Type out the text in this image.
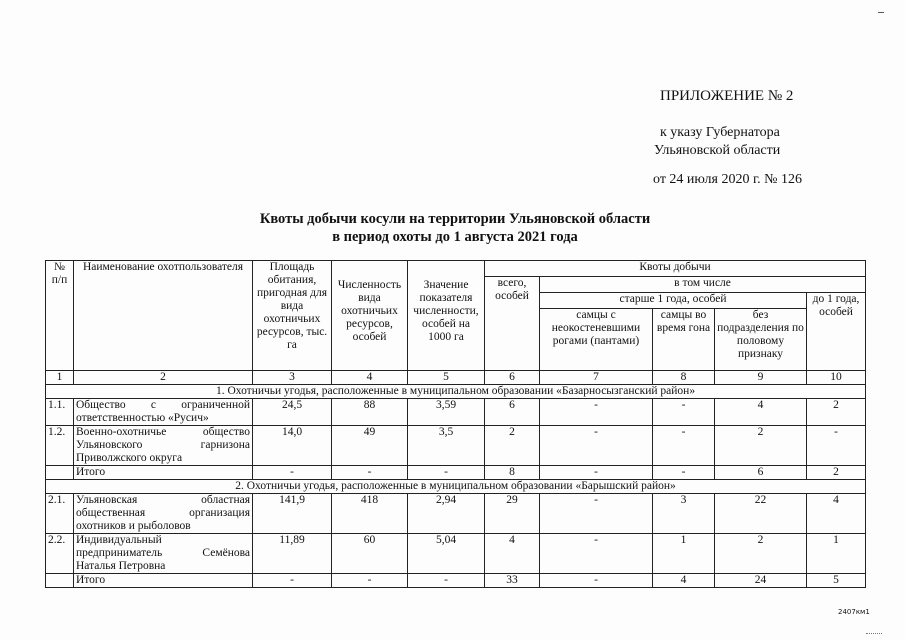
ПРИЛОЖЕНИЕ № 2
к указу Губернатора
Ульяновской области
от 24 июля 2020 г. № 126
Квоты добычи косули на территории Ульяновской области
в период охоты до 1 августа 2021 года
№ п/п	Наименование охотпользователя	Площадь обитания, пригодная для вида охотничьих ресурсов, тыс. га	Численность вида охотничьих ресурсов, особей	Значение показателя численности, особей на 1000 га	Квоты добычи				
					всего, особей	в том числе			
						старше 1 года, особей			до 1 года, особей
						самцы с неокостеневшими рогами (пантами)	самцы во время гона	без подразделения по половому признаку	
1	2	3	4	5	6	7	8	9	10
1. Охотничьи угодья, расположенные в муниципальном образовании «Базарносызганский район»									
1.1.	Общество с ограниченной ответственностью «Русич»	24,5	88	3,59	6	-	-	4	2
1.2.	Военно-охотничье общество Ульяновского гарнизона Приволжского округа	14,0	49	3,5	2	-	-	2	-
	Итого	-	-	-	8	-	-	6	2
2. Охотничьи угодья, расположенные в муниципальном образовании «Барышский район»									
2.1.	Ульяновская областная общественная организация охотников и рыболовов	141,9	418	2,94	29	-	3	22	4
2.2.	Индивидуальный предприниматель Семёнова Наталья Петровна	11,89	60	5,04	4	-	1	2	1
	Итого	-	-	-	33	-	4	24	5
2407км1
